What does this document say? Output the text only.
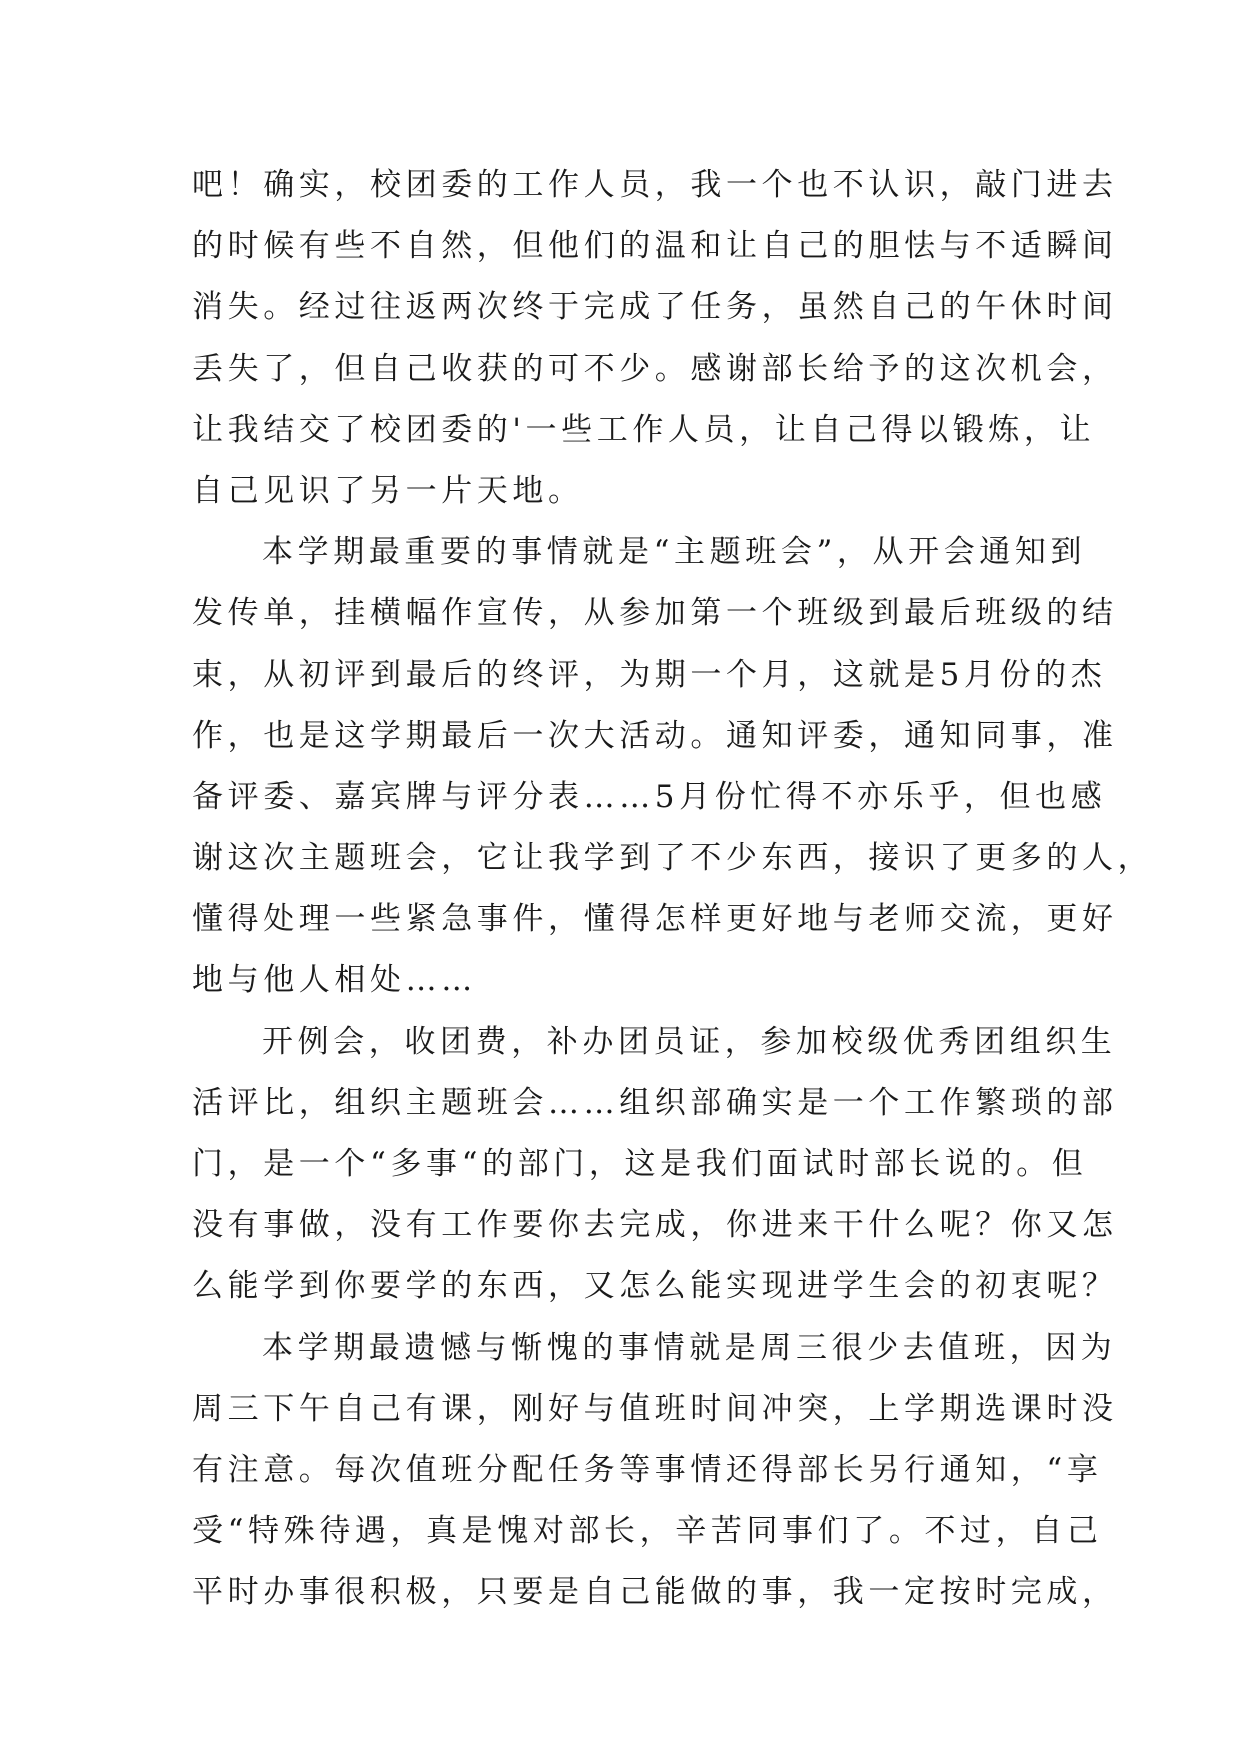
吧！确实，校团委的工作人员，我一个也不认识，敲门进去
的时候有些不自然，但他们的温和让自己的胆怯与不适瞬间
消失。经过往返两次终于完成了任务，虽然自己的午休时间
丢失了，但自己收获的可不少。感谢部长给予的这次机会，
让我结交了校团委的'一些工作人员，让自己得以锻炼，让
自己见识了另一片天地。
本学期最重要的事情就是“主题班会”，从开会通知到
发传单，挂横幅作宣传，从参加第一个班级到最后班级的结
束，从初评到最后的终评，为期一个月，这就是5月份的杰
作，也是这学期最后一次大活动。通知评委，通知同事，准
备评委、嘉宾牌与评分表……5月份忙得不亦乐乎，但也感
谢这次主题班会，它让我学到了不少东西，接识了更多的人，
懂得处理一些紧急事件，懂得怎样更好地与老师交流，更好
地与他人相处……
开例会，收团费，补办团员证，参加校级优秀团组织生
活评比，组织主题班会……组织部确实是一个工作繁琐的部
门，是一个“多事“的部门，这是我们面试时部长说的。但
没有事做，没有工作要你去完成，你进来干什么呢？你又怎
么能学到你要学的东西，又怎么能实现进学生会的初衷呢？
本学期最遗憾与惭愧的事情就是周三很少去值班，因为
周三下午自己有课，刚好与值班时间冲突，上学期选课时没
有注意。每次值班分配任务等事情还得部长另行通知，“享
受“特殊待遇，真是愧对部长，辛苦同事们了。不过，自己
平时办事很积极，只要是自己能做的事，我一定按时完成，
